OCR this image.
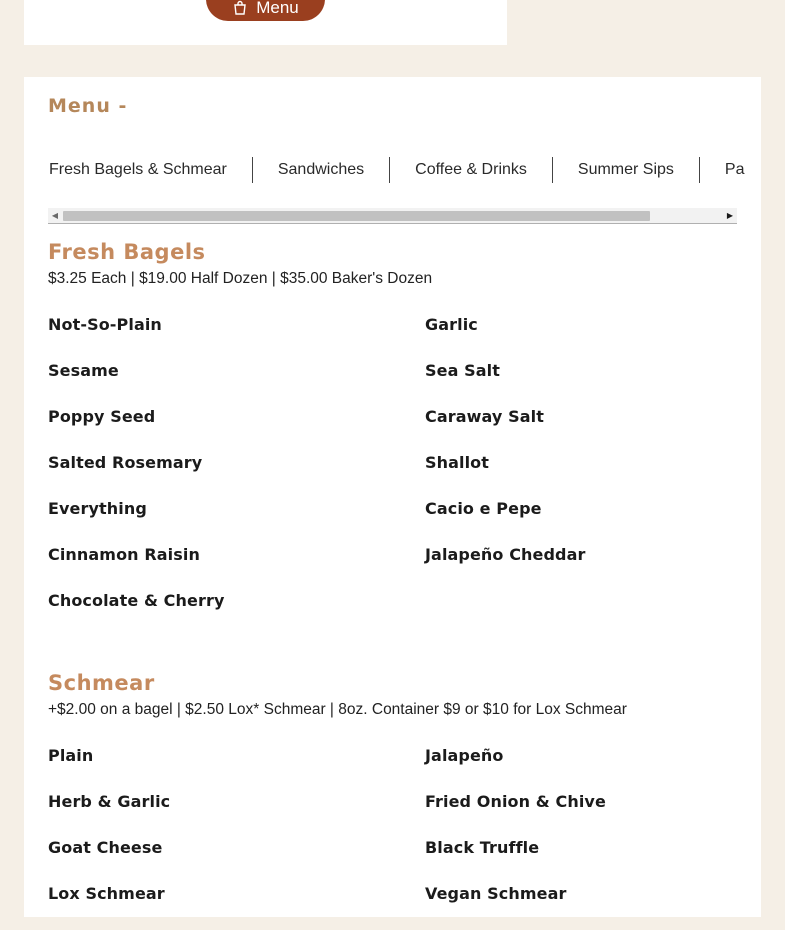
Menu
Menu -
Fresh Bagels & Schmear	Sandwiches	Coffee & Drinks	Summer Sips	Pa
◀	▶
Fresh Bagels
$3.25 Each | $19.00 Half Dozen | $35.00 Baker's Dozen
Not-So-Plain	Garlic
Sesame	Sea Salt
Poppy Seed	Caraway Salt
Salted Rosemary	Shallot
Everything	Cacio e Pepe
Cinnamon Raisin	Jalapeño Cheddar
Chocolate & Cherry
Schmear
+$2.00 on a bagel | $2.50 Lox* Schmear | 8oz. Container $9 or $10 for Lox Schmear
Plain	Jalapeño
Herb & Garlic	Fried Onion & Chive
Goat Cheese	Black Truffle
Lox Schmear	Vegan Schmear
